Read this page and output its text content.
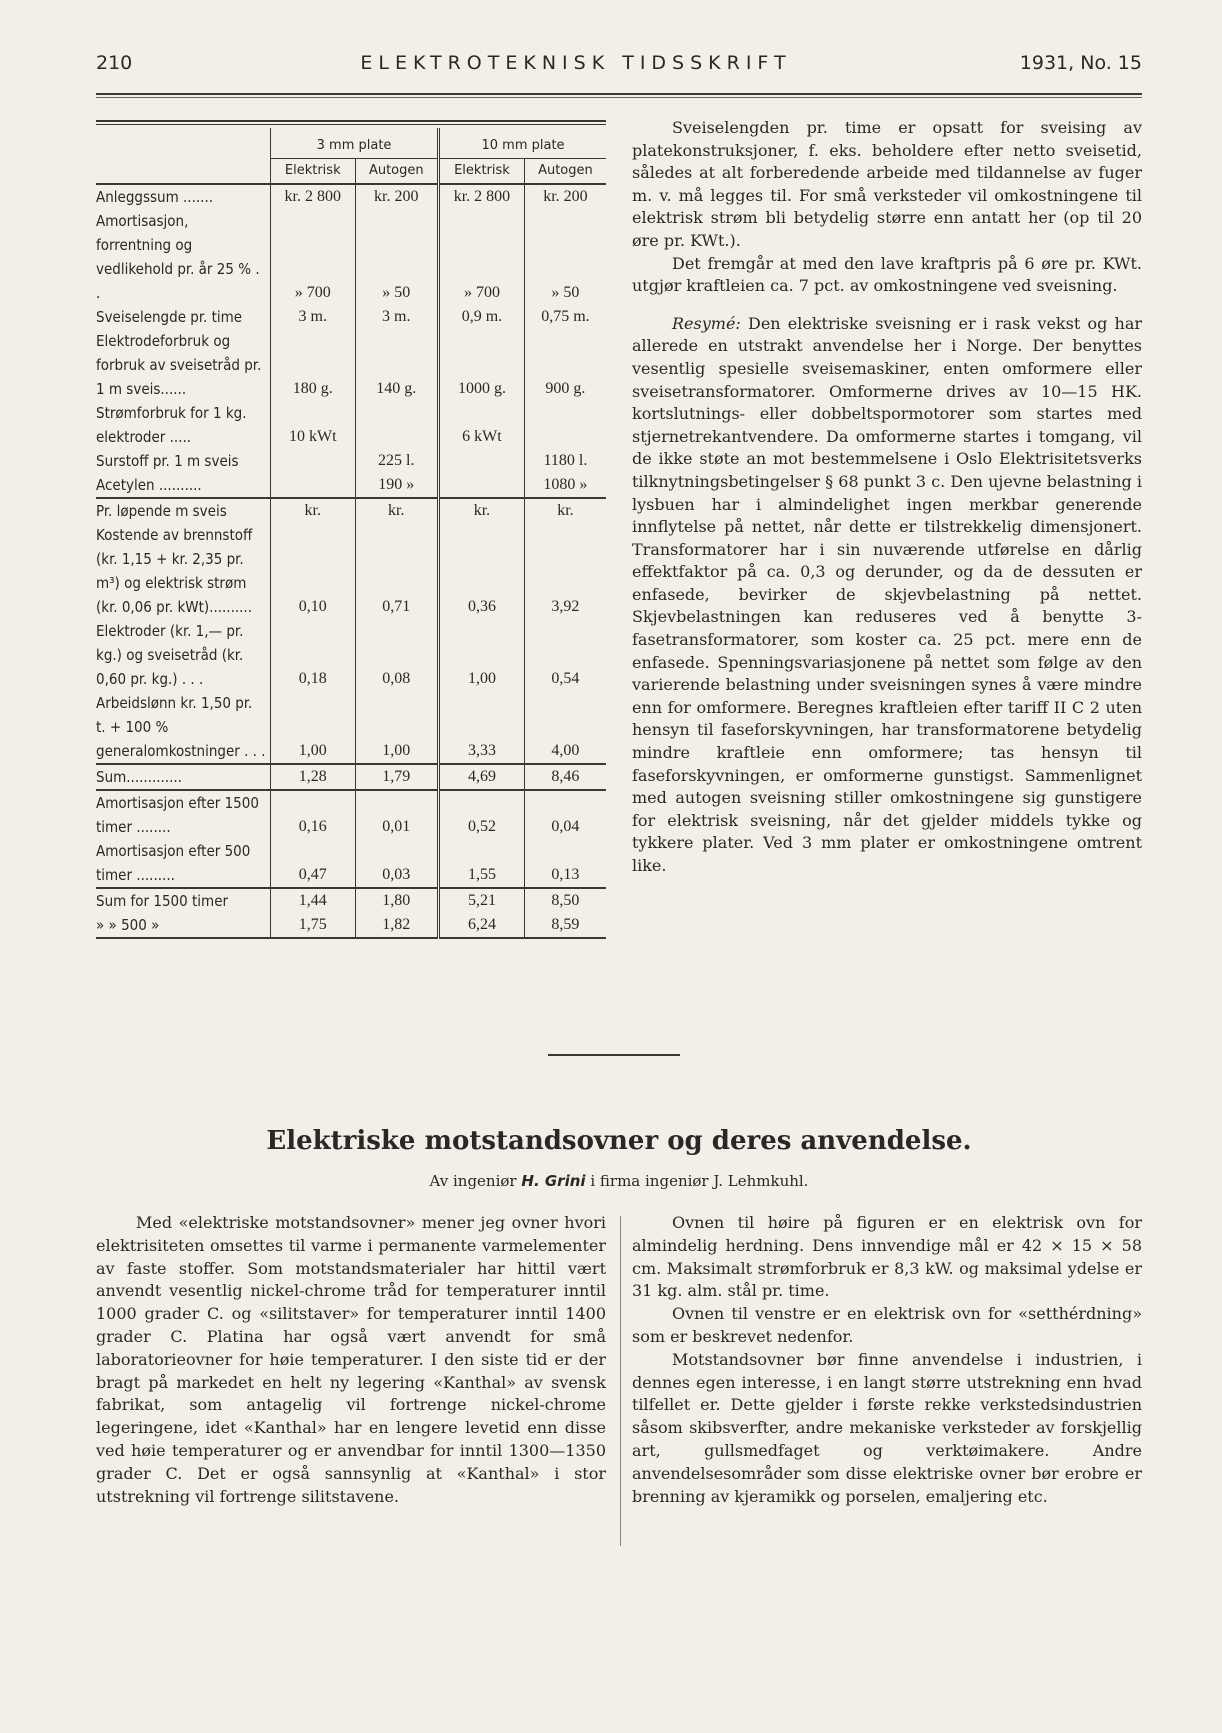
210	ELEKTROTEKNISK TIDSSKRIFT	1931, No. 15
	3 mm plate		10 mm plate	
	Elektrisk	Autogen	Elektrisk	Autogen
Anleggssum .......	kr. 2 800	kr. 200	kr. 2 800	kr. 200
Amortisasjon, forrentning og vedlikehold pr. år 25 % . .	» 700	» 50	» 700	» 50
Sveiselengde pr. time	3 m.	3 m.	0,9 m.	0,75 m.
Elektrodeforbruk og forbruk av sveisetråd pr. 1 m sveis......	180 g.	140 g.	1000 g.	900 g.
Strømforbruk for 1 kg. elektroder .....	10 kWt		6 kWt	
Surstoff pr. 1 m sveis		225 l.		1180 l.
Acetylen ..........		190 »		1080 »
Pr. løpende m sveis	kr.	kr.	kr.	kr.
Kostende av brennstoff (kr. 1,15 + kr. 2,35 pr. m³) og elektrisk strøm (kr. 0,06 pr. kWt)..........	0,10	0,71	0,36	3,92
Elektroder (kr. 1,— pr. kg.) og sveisetråd (kr. 0,60 pr. kg.) . . .	0,18	0,08	1,00	0,54
Arbeidslønn kr. 1,50 pr. t. + 100 % generalomkostninger . . .	1,00	1,00	3,33	4,00
Sum.............	1,28	1,79	4,69	8,46
Amortisasjon efter 1500 timer ........	0,16	0,01	0,52	0,04
Amortisasjon efter 500 timer .........	0,47	0,03	1,55	0,13
Sum for 1500 timer	1,44	1,80	5,21	8,50
» » 500 »	1,75	1,82	6,24	8,59

Sveiselengden pr. time er opsatt for sveising av platekonstruksjoner, f. eks. beholdere efter netto sveisetid, således at alt forberedende arbeide med tildannelse av fuger m. v. må legges til. For små verksteder vil omkostningene til elektrisk strøm bli betydelig større enn antatt her (op til 20 øre pr. KWt.).

Det fremgår at med den lave kraftpris på 6 øre pr. KWt. utgjør kraftleien ca. 7 pct. av omkostningene ved sveisning.

Resymé: Den elektriske sveisning er i rask vekst og har allerede en utstrakt anvendelse her i Norge. Der benyttes vesentlig spesielle sveisemaskiner, enten omformere eller sveisetransformatorer. Omformerne drives av 10—15 HK. kortslutnings- eller dobbeltspormotorer som startes med stjernetrekantvendere. Da omformerne startes i tomgang, vil de ikke støte an mot bestemmelsene i Oslo Elektrisitetsverks tilknytningsbetingelser § 68 punkt 3 c. Den ujevne belastning i lysbuen har i almindelighet ingen merkbar generende innflytelse på nettet, når dette er tilstrekkelig dimensjonert. Transformatorer har i sin nuværende utførelse en dårlig effektfaktor på ca. 0,3 og derunder, og da de dessuten er enfasede, bevirker de skjevbelastning på nettet. Skjevbelastningen kan reduseres ved å benytte 3-fasetransformatorer, som koster ca. 25 pct. mere enn de enfasede. Spenningsvariasjonene på nettet som følge av den varierende belastning under sveisningen synes å være mindre enn for omformere. Beregnes kraftleien efter tariff II C 2 uten hensyn til faseforskyvningen, har transformatorene betydelig mindre kraftleie enn omformere; tas hensyn til faseforskyvningen, er omformerne gunstigst. Sammenlignet med autogen sveisning stiller omkostningene sig gunstigere for elektrisk sveisning, når det gjelder middels tykke og tykkere plater. Ved 3 mm plater er omkostningene omtrent like.

Elektriske motstandsovner og deres anvendelse.
Av ingeniør H. Grini i firma ingeniør J. Lehmkuhl.

Med «elektriske motstandsovner» mener jeg ovner hvori elektrisiteten omsettes til varme i permanente varmelementer av faste stoffer. Som motstandsmaterialer har hittil vært anvendt vesentlig nickel-chrome tråd for temperaturer inntil 1000 grader C. og «silitstaver» for temperaturer inntil 1400 grader C. Platina har også vært anvendt for små laboratorieovner for høie temperaturer. I den siste tid er der bragt på markedet en helt ny legering «Kanthal» av svensk fabrikat, som antagelig vil fortrenge nickel-chrome legeringene, idet «Kanthal» har en lengere levetid enn disse ved høie temperaturer og er anvendbar for inntil 1300—1350 grader C. Det er også sannsynlig at «Kanthal» i stor utstrekning vil fortrenge silitstavene.

Ovnen til høire på figuren er en elektrisk ovn for almindelig herdning. Dens innvendige mål er 42 × 15 × 58 cm. Maksimalt strømforbruk er 8,3 kW. og maksimal ydelse er 31 kg. alm. stål pr. time.

Ovnen til venstre er en elektrisk ovn for «setthérdning» som er beskrevet nedenfor.

Motstandsovner bør finne anvendelse i industrien, i dennes egen interesse, i en langt større utstrekning enn hvad tilfellet er. Dette gjelder i første rekke verkstedsindustrien såsom skibsverfter, andre mekaniske verksteder av forskjellig art, gullsmedfaget og verktøimakere. Andre anvendelsesområder som disse elektriske ovner bør erobre er brenning av kjeramikk og porselen, emaljering etc.
